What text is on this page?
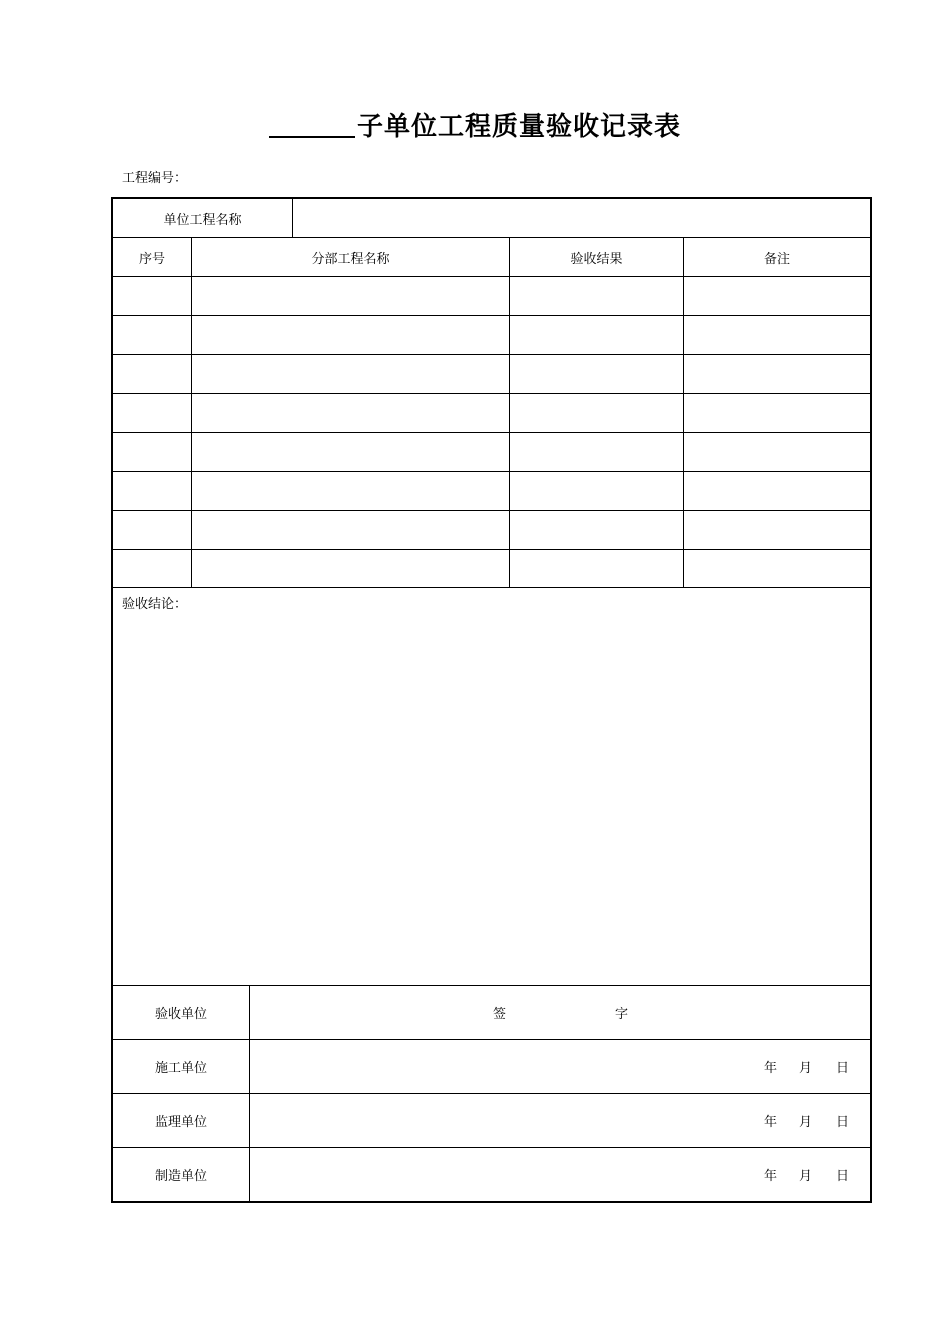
子单位工程质量验收记录表
工程编号：
单位工程名称
序号	分部工程名称	验收结果	备注
验收结论：
验收单位	签	字
施工单位	年 月 日
监理单位	年 月 日
制造单位	年 月 日
